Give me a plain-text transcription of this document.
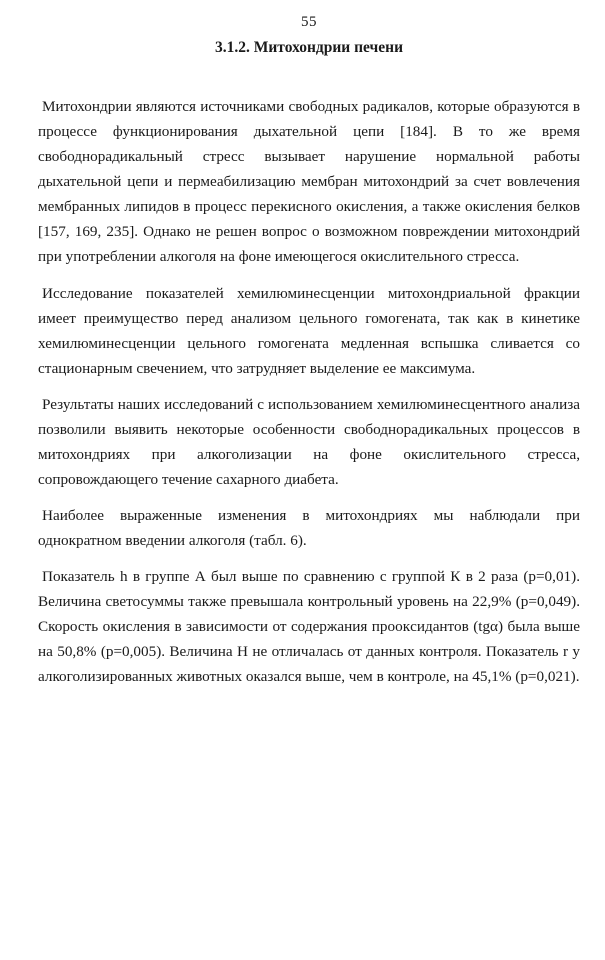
55
3.1.2. Митохондрии печени

Митохондрии являются источниками свободных радикалов, которые образуются в процессе функционирования дыхательной цепи [184]. В то же время свободнорадикальный стресс вызывает нарушение нормальной работы дыхательной цепи и пермеабилизацию мембран митохондрий за счет вовлечения мембранных липидов в процесс перекисного окисления, а также окисления белков [157, 169, 235]. Однако не решен вопрос о возможном повреждении митохондрий при употреблении алкоголя на фоне имеющегося окислительного стресса.

Исследование показателей хемилюминесценции митохондриальной фракции имеет преимущество перед анализом цельного гомогената, так как в кинетике хемилюминесценции цельного гомогената медленная вспышка сливается со стационарным свечением, что затрудняет выделение ее максимума.

Результаты наших исследований с использованием хемилюминесцентного анализа позволили выявить некоторые особенности свободнорадикальных процессов в митохондриях при алкоголизации на фоне окислительного стресса, сопровождающего течение сахарного диабета.

Наиболее выраженные изменения в митохондриях мы наблюдали при однократном введении алкоголя (табл. 6).

Показатель h в группе А был выше по сравнению с группой К в 2 раза (р=0,01). Величина светосуммы также превышала контрольный уровень на 22,9% (р=0,049). Скорость окисления в зависимости от содержания проокcидантов (tgα) была выше на 50,8% (р=0,005). Величина Н не отличалась от данных контроля. Показатель r у алкоголизированных животных оказался выше, чем в контроле, на 45,1% (р=0,021).
